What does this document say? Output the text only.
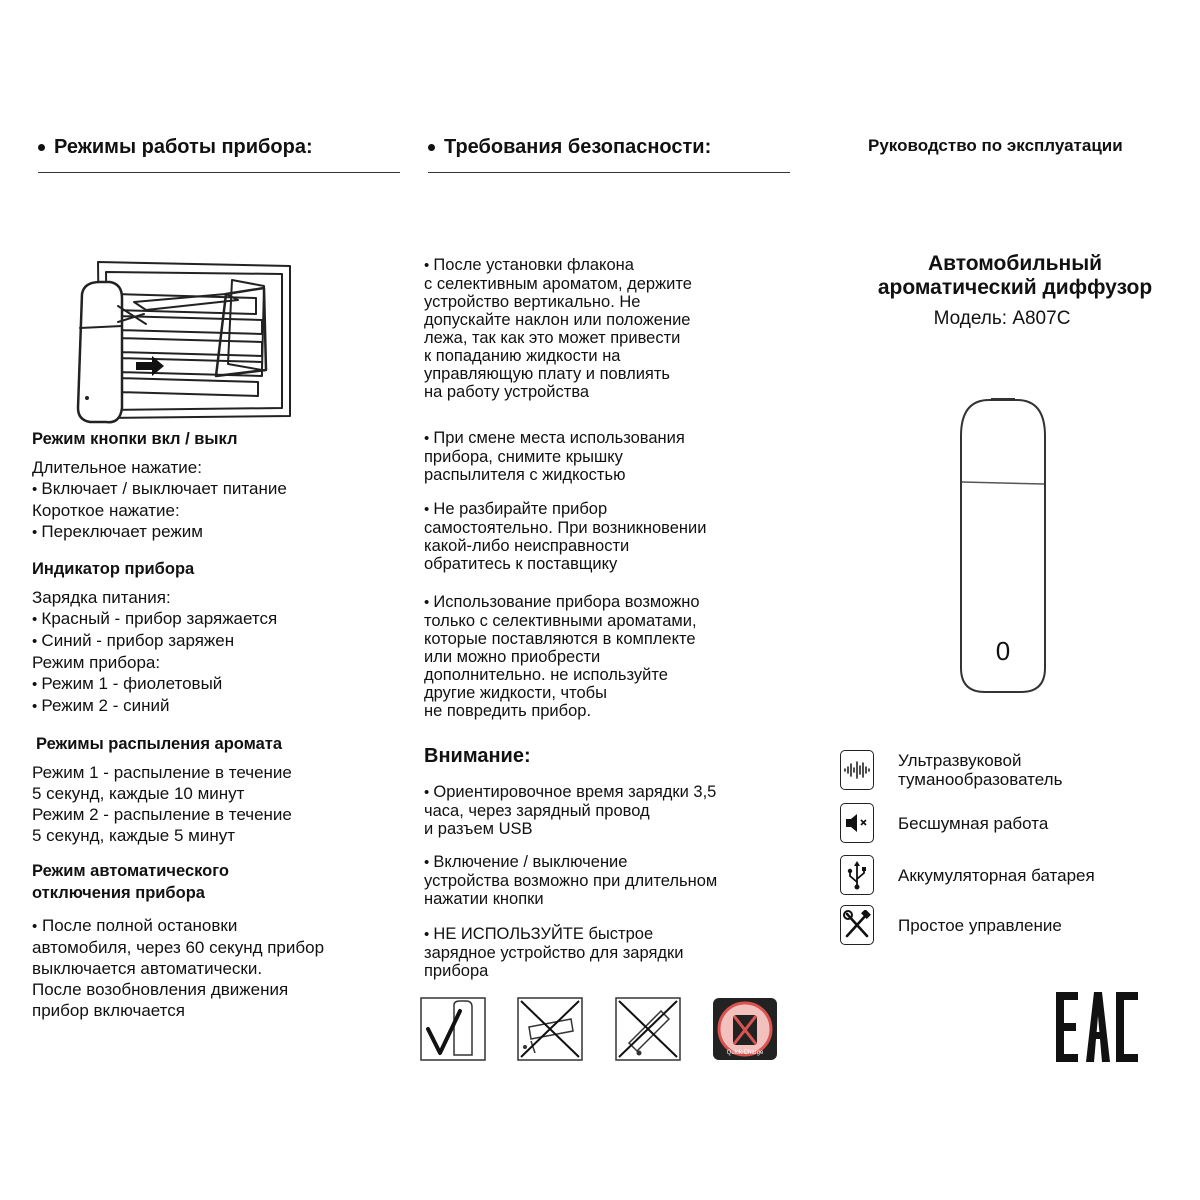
Режимы работы прибора:	Требования безопасности:	Руководство по эксплуатации
Режим кнопки вкл / выкл
Длительное нажатие:
• Включает / выключает питание
Короткое нажатие:
• Переключает режим
Индикатор прибора
Зарядка питания:
• Красный - прибор заряжается
• Синий - прибор заряжен
Режим прибора:
• Режим 1 - фиолетовый
• Режим 2 - синий
Режимы распыления аромата
Режим 1 - распыление в течение
5 секунд, каждые 10 минут
Режим 2 - распыление в течение
5 секунд, каждые 5 минут
Режим автоматического
отключения прибора
• После полной остановки
автомобиля, через 60 секунд прибор
выключается автоматически.
После возобновления движения
прибор включается
• После установки флакона
с селективным ароматом, держите
устройство вертикально. Не
допускайте наклон или положение
лежа, так как это может привести
к попаданию жидкости на
управляющую плату и повлиять
на работу устройства
• При смене места использования
прибора, снимите крышку
распылителя с жидкостью
• Не разбирайте прибор
самостоятельно. При возникновении
какой-либо неисправности
обратитесь к поставщику
• Использование прибора возможно
только с селективными ароматами,
которые поставляются в комплекте
или можно приобрести
дополнительно. не используйте
другие жидкости, чтобы
не повредить прибор.
Внимание:
• Ориентировочное время зарядки 3,5
часа, через зарядный провод
и разъем USB
• Включение / выключение
устройства возможно при длительном
нажатии кнопки
• НЕ ИСПОЛЬЗУЙТЕ быстрое
зарядное устройство для зарядки
прибора
Quick Charge
Автомобильный
ароматический диффузор
Модель: А807С
0
Ультразвуковой
туманообразователь
Бесшумная работа
Аккумуляторная батарея
Простое управление
